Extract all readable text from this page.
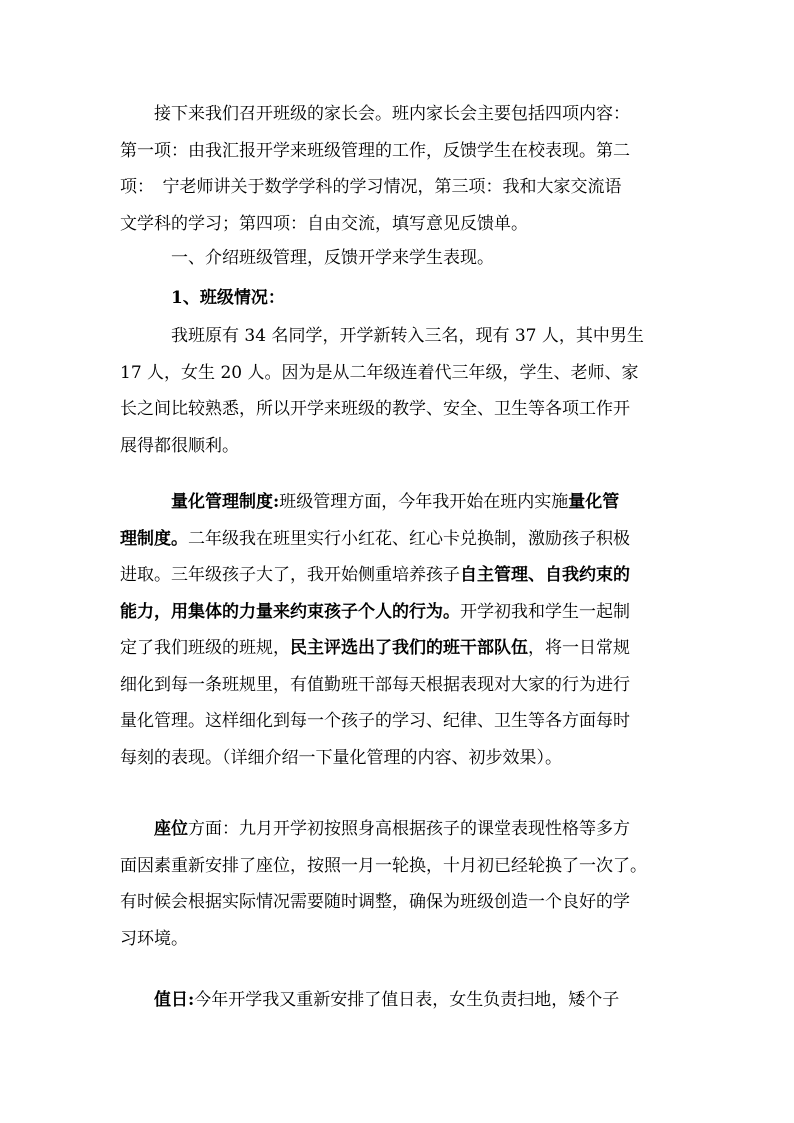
接下来我们召开班级的家长会。班内家长会主要包括四项内容：
第一项：由我汇报开学来班级管理的工作，反馈学生在校表现。第二
项：　宁老师讲关于数学学科的学习情况，第三项：我和大家交流语
文学科的学习；第四项：自由交流，填写意见反馈单。
一、介绍班级管理，反馈开学来学生表现。
1、班级情况：
我班原有 34 名同学，开学新转入三名，现有 37 人，其中男生
17 人，女生 20 人。因为是从二年级连着代三年级，学生、老师、家
长之间比较熟悉，所以开学来班级的教学、安全、卫生等各项工作开
展得都很顺利。
量化管理制度:班级管理方面，今年我开始在班内实施量化管
理制度。二年级我在班里实行小红花、红心卡兑换制，激励孩子积极
进取。三年级孩子大了，我开始侧重培养孩子自主管理、自我约束的
能力，用集体的力量来约束孩子个人的行为。开学初我和学生一起制
定了我们班级的班规，民主评选出了我们的班干部队伍，将一日常规
细化到每一条班规里，有值勤班干部每天根据表现对大家的行为进行
量化管理。这样细化到每一个孩子的学习、纪律、卫生等各方面每时
每刻的表现。（详细介绍一下量化管理的内容、初步效果）。
座位方面：九月开学初按照身高根据孩子的课堂表现性格等多方
面因素重新安排了座位，按照一月一轮换，十月初已经轮换了一次了。
有时候会根据实际情况需要随时调整，确保为班级创造一个良好的学
习环境。
值日:今年开学我又重新安排了值日表，女生负责扫地，矮个子
